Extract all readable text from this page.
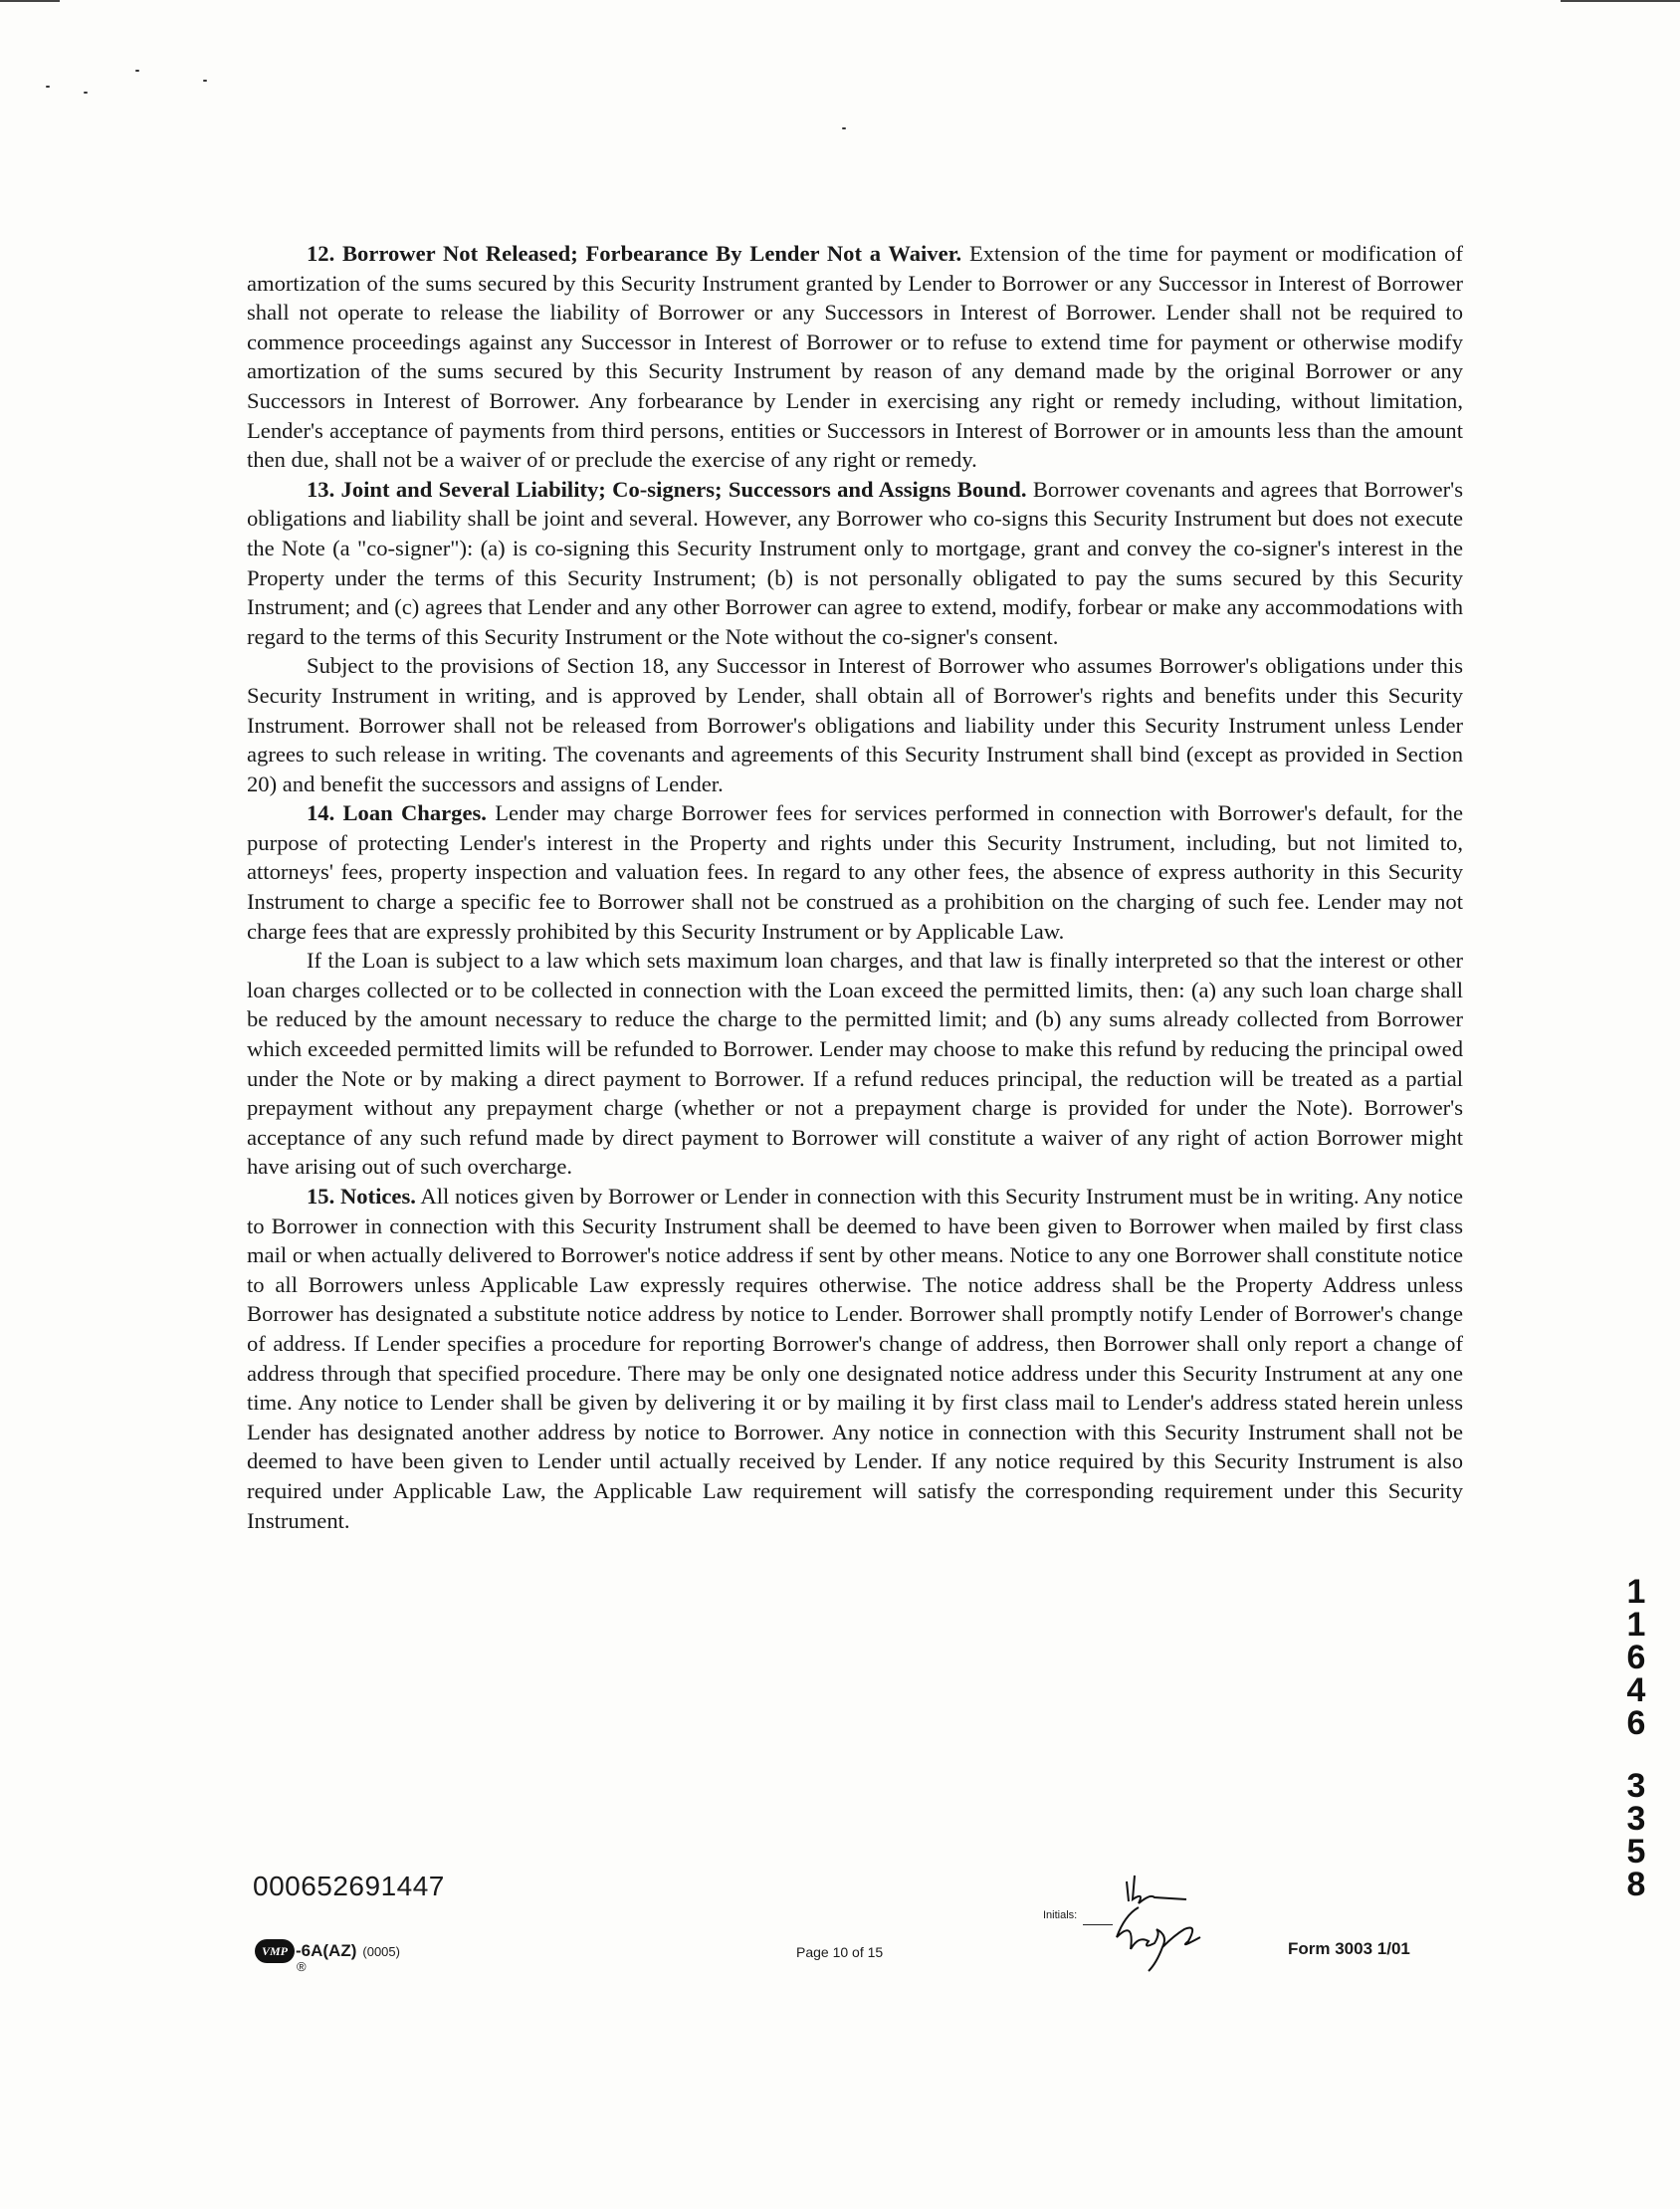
12. Borrower Not Released; Forbearance By Lender Not a Waiver. Extension of the time for payment or modification of amortization of the sums secured by this Security Instrument granted by Lender to Borrower or any Successor in Interest of Borrower shall not operate to release the liability of Borrower or any Successors in Interest of Borrower. Lender shall not be required to commence proceedings against any Successor in Interest of Borrower or to refuse to extend time for payment or otherwise modify amortization of the sums secured by this Security Instrument by reason of any demand made by the original Borrower or any Successors in Interest of Borrower. Any forbearance by Lender in exercising any right or remedy including, without limitation, Lender's acceptance of payments from third persons, entities or Successors in Interest of Borrower or in amounts less than the amount then due, shall not be a waiver of or preclude the exercise of any right or remedy.

13. Joint and Several Liability; Co-signers; Successors and Assigns Bound. Borrower covenants and agrees that Borrower's obligations and liability shall be joint and several. However, any Borrower who co-signs this Security Instrument but does not execute the Note (a "co-signer"): (a) is co-signing this Security Instrument only to mortgage, grant and convey the co-signer's interest in the Property under the terms of this Security Instrument; (b) is not personally obligated to pay the sums secured by this Security Instrument; and (c) agrees that Lender and any other Borrower can agree to extend, modify, forbear or make any accommodations with regard to the terms of this Security Instrument or the Note without the co-signer's consent.

Subject to the provisions of Section 18, any Successor in Interest of Borrower who assumes Borrower's obligations under this Security Instrument in writing, and is approved by Lender, shall obtain all of Borrower's rights and benefits under this Security Instrument. Borrower shall not be released from Borrower's obligations and liability under this Security Instrument unless Lender agrees to such release in writing. The covenants and agreements of this Security Instrument shall bind (except as provided in Section 20) and benefit the successors and assigns of Lender.

14. Loan Charges. Lender may charge Borrower fees for services performed in connection with Borrower's default, for the purpose of protecting Lender's interest in the Property and rights under this Security Instrument, including, but not limited to, attorneys' fees, property inspection and valuation fees. In regard to any other fees, the absence of express authority in this Security Instrument to charge a specific fee to Borrower shall not be construed as a prohibition on the charging of such fee. Lender may not charge fees that are expressly prohibited by this Security Instrument or by Applicable Law.

If the Loan is subject to a law which sets maximum loan charges, and that law is finally interpreted so that the interest or other loan charges collected or to be collected in connection with the Loan exceed the permitted limits, then: (a) any such loan charge shall be reduced by the amount necessary to reduce the charge to the permitted limit; and (b) any sums already collected from Borrower which exceeded permitted limits will be refunded to Borrower. Lender may choose to make this refund by reducing the principal owed under the Note or by making a direct payment to Borrower. If a refund reduces principal, the reduction will be treated as a partial prepayment without any prepayment charge (whether or not a prepayment charge is provided for under the Note). Borrower's acceptance of any such refund made by direct payment to Borrower will constitute a waiver of any right of action Borrower might have arising out of such overcharge.

15. Notices. All notices given by Borrower or Lender in connection with this Security Instrument must be in writing. Any notice to Borrower in connection with this Security Instrument shall be deemed to have been given to Borrower when mailed by first class mail or when actually delivered to Borrower's notice address if sent by other means. Notice to any one Borrower shall constitute notice to all Borrowers unless Applicable Law expressly requires otherwise. The notice address shall be the Property Address unless Borrower has designated a substitute notice address by notice to Lender. Borrower shall promptly notify Lender of Borrower's change of address. If Lender specifies a procedure for reporting Borrower's change of address, then Borrower shall only report a change of address through that specified procedure. There may be only one designated notice address under this Security Instrument at any one time. Any notice to Lender shall be given by delivering it or by mailing it by first class mail to Lender's address stated herein unless Lender has designated another address by notice to Borrower. Any notice in connection with this Security Instrument shall not be deemed to have been given to Lender until actually received by Lender. If any notice required by this Security Instrument is also required under Applicable Law, the Applicable Law requirement will satisfy the corresponding requirement under this Security Instrument.

000652691447
VMP -6A(AZ) (0005)
®
Page 10 of 15
Initials:
Form 3003 1/01
1
1
6
4
6
3
3
5
8
